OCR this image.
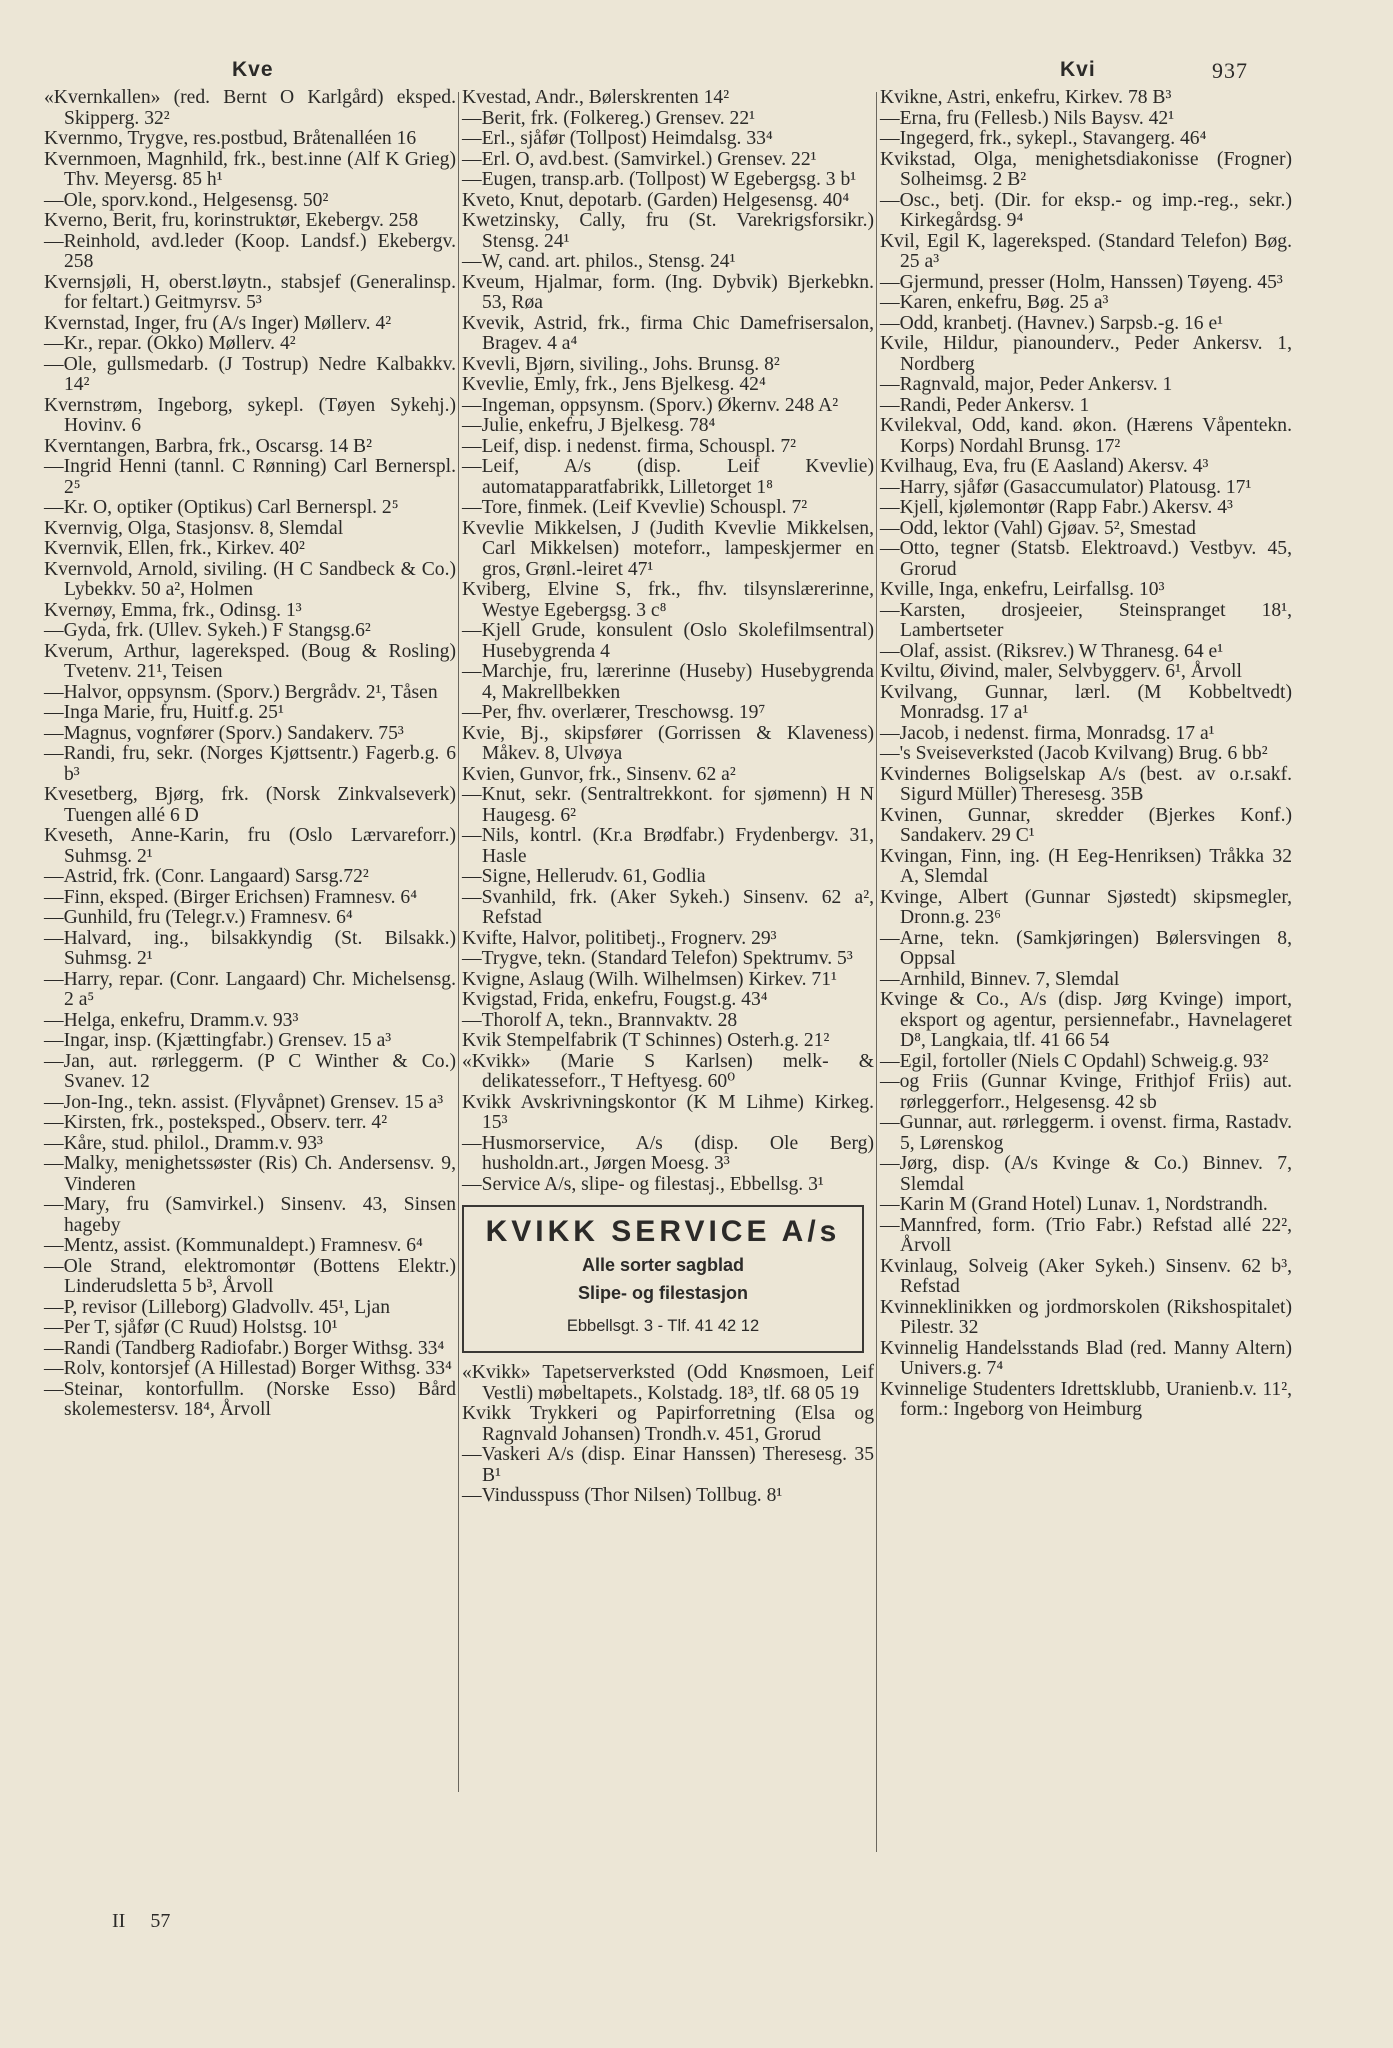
Kve	Kvi	937

«Kvernkallen» (red. Bernt O Karlgård) eksped. Skipperg. 32²

Kvernmo, Trygve, res.postbud, Bråtenalléen 16

Kvernmoen, Magnhild, frk., best.inne (Alf K Grieg) Thv. Meyersg. 85 h¹

—Ole, sporv.kond., Helgesensg. 50²

Kverno, Berit, fru, korinstruktør, Ekebergv. 258

—Reinhold, avd.leder (Koop. Landsf.) Ekebergv. 258

Kvernsjøli, H, oberst.løytn., stabsjef (Generalinsp. for feltart.) Geitmyrsv. 5³

Kvernstad, Inger, fru (A/s Inger) Møllerv. 4²

—Kr., repar. (Okko) Møllerv. 4²

—Ole, gullsmedarb. (J Tostrup) Nedre Kalbakkv. 14²

Kvernstrøm, Ingeborg, sykepl. (Tøyen Sykehj.) Hovinv. 6

Kverntangen, Barbra, frk., Oscarsg. 14 B²

—Ingrid Henni (tannl. C Rønning) Carl Bernerspl. 2⁵

—Kr. O, optiker (Optikus) Carl Bernerspl. 2⁵

Kvernvig, Olga, Stasjonsv. 8, Slemdal

Kvernvik, Ellen, frk., Kirkev. 40²

Kvernvold, Arnold, siviling. (H C Sandbeck & Co.) Lybekkv. 50 a², Holmen

Kvernøy, Emma, frk., Odinsg. 1³

—Gyda, frk. (Ullev. Sykeh.) F Stangsg.6²

Kverum, Arthur, lagereksped. (Boug & Rosling) Tvetenv. 21¹, Teisen

—Halvor, oppsynsm. (Sporv.) Bergrådv. 2¹, Tåsen

—Inga Marie, fru, Huitf.g. 25¹

—Magnus, vognfører (Sporv.) Sandakerv. 75³

—Randi, fru, sekr. (Norges Kjøttsentr.) Fagerb.g. 6 b³

Kvesetberg, Bjørg, frk. (Norsk Zinkvalseverk) Tuengen allé 6 D

Kveseth, Anne-Karin, fru (Oslo Lærvareforr.) Suhmsg. 2¹

—Astrid, frk. (Conr. Langaard) Sarsg.72²

—Finn, eksped. (Birger Erichsen) Framnesv. 6⁴

—Gunhild, fru (Telegr.v.) Framnesv. 6⁴

—Halvard, ing., bilsakkyndig (St. Bilsakk.) Suhmsg. 2¹

—Harry, repar. (Conr. Langaard) Chr. Michelsensg. 2 a⁵

—Helga, enkefru, Dramm.v. 93³

—Ingar, insp. (Kjættingfabr.) Grensev. 15 a³

—Jan, aut. rørleggerm. (P C Winther & Co.) Svanev. 12

—Jon-Ing., tekn. assist. (Flyvåpnet) Grensev. 15 a³

—Kirsten, frk., posteksped., Observ. terr. 4²

—Kåre, stud. philol., Dramm.v. 93³

—Malky, menighetssøster (Ris) Ch. Andersensv. 9, Vinderen

—Mary, fru (Samvirkel.) Sinsenv. 43, Sinsen hageby

—Mentz, assist. (Kommunaldept.) Framnesv. 6⁴

—Ole Strand, elektromontør (Bottens Elektr.) Linderudsletta 5 b³, Årvoll

—P, revisor (Lilleborg) Gladvollv. 45¹, Ljan

—Per T, sjåfør (C Ruud) Holstsg. 10¹

—Randi (Tandberg Radiofabr.) Borger Withsg. 33⁴

—Rolv, kontorsjef (A Hillestad) Borger Withsg. 33⁴

—Steinar, kontorfullm. (Norske Esso) Bård skolemestersv. 18⁴, Årvoll

Kvestad, Andr., Bølerskrenten 14²

—Berit, frk. (Folkereg.) Grensev. 22¹

—Erl., sjåfør (Tollpost) Heimdalsg. 33⁴

—Erl. O, avd.best. (Samvirkel.) Grensev. 22¹

—Eugen, transp.arb. (Tollpost) W Egebergsg. 3 b¹

Kveto, Knut, depotarb. (Garden) Helgesensg. 40⁴

Kwetzinsky, Cally, fru (St. Varekrigsforsikr.) Stensg. 24¹

—W, cand. art. philos., Stensg. 24¹

Kveum, Hjalmar, form. (Ing. Dybvik) Bjerkebkn. 53, Røa

Kvevik, Astrid, frk., firma Chic Damefrisersalon, Bragev. 4 a⁴

Kvevli, Bjørn, siviling., Johs. Brunsg. 8²

Kvevlie, Emly, frk., Jens Bjelkesg. 42⁴

—Ingeman, oppsynsm. (Sporv.) Økernv. 248 A²

—Julie, enkefru, J Bjelkesg. 78⁴

—Leif, disp. i nedenst. firma, Schouspl. 7²

—Leif, A/s (disp. Leif Kvevlie) automatapparatfabrikk, Lilletorget 1⁸

—Tore, finmek. (Leif Kvevlie) Schouspl. 7²

Kvevlie Mikkelsen, J (Judith Kvevlie Mikkelsen, Carl Mikkelsen) moteforr., lampeskjermer en gros, Grønl.-leiret 47¹

Kviberg, Elvine S, frk., fhv. tilsynslærerinne, Westye Egebergsg. 3 c⁸

—Kjell Grude, konsulent (Oslo Skolefilmsentral) Husebygrenda 4

—Marchje, fru, lærerinne (Huseby) Husebygrenda 4, Makrellbekken

—Per, fhv. overlærer, Treschowsg. 19⁷

Kvie, Bj., skipsfører (Gorrissen & Klaveness) Måkev. 8, Ulvøya

Kvien, Gunvor, frk., Sinsenv. 62 a²

—Knut, sekr. (Sentraltrekkont. for sjømenn) H N Haugesg. 6²

—Nils, kontrl. (Kr.a Brødfabr.) Frydenbergv. 31, Hasle

—Signe, Hellerudv. 61, Godlia

—Svanhild, frk. (Aker Sykeh.) Sinsenv. 62 a², Refstad

Kvifte, Halvor, politibetj., Frognerv. 29³

—Trygve, tekn. (Standard Telefon) Spektrumv. 5³

Kvigne, Aslaug (Wilh. Wilhelmsen) Kirkev. 71¹

Kvigstad, Frida, enkefru, Fougst.g. 43⁴

—Thorolf A, tekn., Brannvaktv. 28

Kvik Stempelfabrik (T Schinnes) Osterh.g. 21²

«Kvikk» (Marie S Karlsen) melk- & delikatesseforr., T Heftyesg. 60⁰

Kvikk Avskrivningskontor (K M Lihme) Kirkeg. 15³

—Husmorservice, A/s (disp. Ole Berg) husholdn.art., Jørgen Moesg. 3³

—Service A/s, slipe- og filestasj., Ebbellsg. 3¹

KVIKK SERVICE A/s
Alle sorter sagblad
Slipe- og filestasjon
Ebbellsgt. 3 - Tlf. 41 42 12

«Kvikk» Tapetserverksted (Odd Knøsmoen, Leif Vestli) møbeltapets., Kolstadg. 18³, tlf. 68 05 19

Kvikk Trykkeri og Papirforretning (Elsa og Ragnvald Johansen) Trondh.v. 451, Grorud

—Vaskeri A/s (disp. Einar Hanssen) Theresesg. 35 B¹

—Vindusspuss (Thor Nilsen) Tollbug. 8¹

Kvikne, Astri, enkefru, Kirkev. 78 B³

—Erna, fru (Fellesb.) Nils Baysv. 42¹

—Ingegerd, frk., sykepl., Stavangerg. 46⁴

Kvikstad, Olga, menighetsdiakonisse (Frogner) Solheimsg. 2 B²

—Osc., betj. (Dir. for eksp.- og imp.-reg., sekr.) Kirkegårdsg. 9⁴

Kvil, Egil K, lagereksped. (Standard Telefon) Bøg. 25 a³

—Gjermund, presser (Holm, Hanssen) Tøyeng. 45³

—Karen, enkefru, Bøg. 25 a³

—Odd, kranbetj. (Havnev.) Sarpsb.-g. 16 e¹

Kvile, Hildur, pianounderv., Peder Ankersv. 1, Nordberg

—Ragnvald, major, Peder Ankersv. 1

—Randi, Peder Ankersv. 1

Kvilekval, Odd, kand. økon. (Hærens Våpentekn. Korps) Nordahl Brunsg. 17²

Kvilhaug, Eva, fru (E Aasland) Akersv. 4³

—Harry, sjåfør (Gasaccumulator) Platousg. 17¹

—Kjell, kjølemontør (Rapp Fabr.) Akersv. 4³

—Odd, lektor (Vahl) Gjøav. 5², Smestad

—Otto, tegner (Statsb. Elektroavd.) Vestbyv. 45, Grorud

Kville, Inga, enkefru, Leirfallsg. 10³

—Karsten, drosjeeier, Steinspranget 18¹, Lambertseter

—Olaf, assist. (Riksrev.) W Thranesg. 64 e¹

Kviltu, Øivind, maler, Selvbyggerv. 6¹, Årvoll

Kvilvang, Gunnar, lærl. (M Kobbeltvedt) Monradsg. 17 a¹

—Jacob, i nedenst. firma, Monradsg. 17 a¹

—'s Sveiseverksted (Jacob Kvilvang) Brug. 6 bb²

Kvindernes Boligselskap A/s (best. av o.r.sakf. Sigurd Müller) Theresesg. 35B

Kvinen, Gunnar, skredder (Bjerkes Konf.) Sandakerv. 29 C¹

Kvingan, Finn, ing. (H Eeg-Henriksen) Tråkka 32 A, Slemdal

Kvinge, Albert (Gunnar Sjøstedt) skipsmegler, Dronn.g. 23⁶

—Arne, tekn. (Samkjøringen) Bølersvingen 8, Oppsal

—Arnhild, Binnev. 7, Slemdal

Kvinge & Co., A/s (disp. Jørg Kvinge) import, eksport og agentur, persiennefabr., Havnelageret D⁸, Langkaia, tlf. 41 66 54

—Egil, fortoller (Niels C Opdahl) Schweig.g. 93²

—og Friis (Gunnar Kvinge, Frithjof Friis) aut. rørleggerforr., Helgesensg. 42 sb

—Gunnar, aut. rørleggerm. i ovenst. firma, Rastadv. 5, Lørenskog

—Jørg, disp. (A/s Kvinge & Co.) Binnev. 7, Slemdal

—Karin M (Grand Hotel) Lunav. 1, Nordstrandh.

—Mannfred, form. (Trio Fabr.) Refstad allé 22², Årvoll

Kvinlaug, Solveig (Aker Sykeh.) Sinsenv. 62 b³, Refstad

Kvinneklinikken og jordmorskolen (Rikshospitalet) Pilestr. 32

Kvinnelig Handelsstands Blad (red. Manny Altern) Univers.g. 7⁴

Kvinnelige Studenters Idrettsklubb, Uranienb.v. 11², form.: Ingeborg von Heimburg

II 57
